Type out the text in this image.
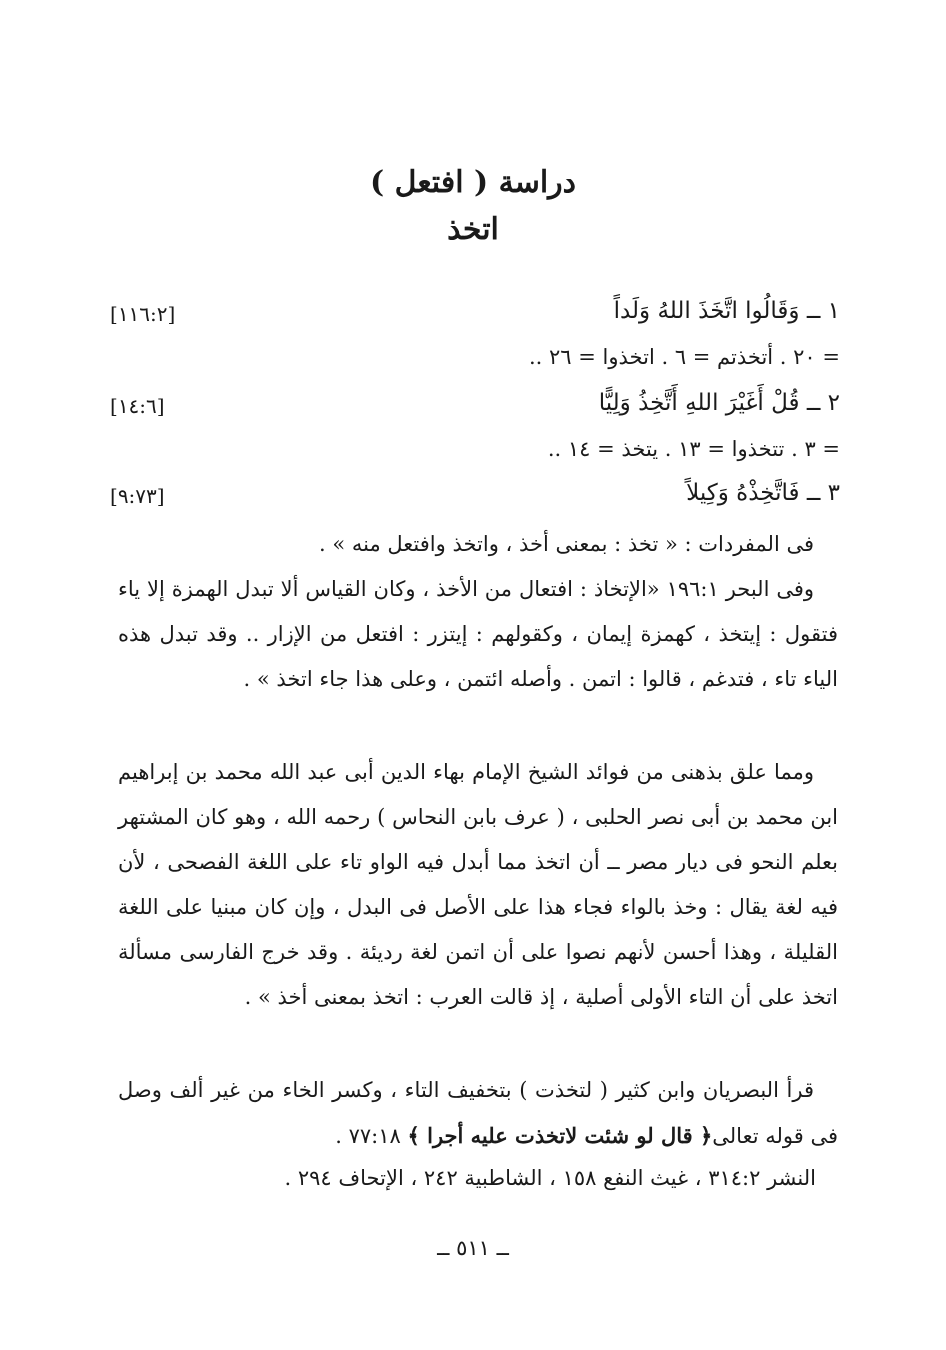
دراسة ( افتعل )
اتخذ
١ ــ وَقَالُوا اتَّخَذَ اللهُ وَلَداً
[١١٦:٢]
= ٢٠ . أتخذتم = ٦ . اتخذوا = ٢٦ ..
٢ ــ قُلْ أَغَيْرَ اللهِ أَتَّخِذُ وَلِيًّا
[١٤:٦]
= ٣ . تتخذوا = ١٣ . يتخذ = ١٤ ..
٣ ــ فَاتَّخِذْهُ وَكِيلاً
[٩:٧٣]
فى المفردات : « تخذ : بمعنى أخذ ، واتخذ وافتعل منه » .
وفى البحر ١٩٦:١ «الإتخاذ : افتعال من الأخذ ، وكان القياس ألا تبدل الهمزة إلا ياء فتقول : إيتخذ ، كهمزة إيمان ، وكقولهم : إيتزر : افتعل من الإزار .. وقد تبدل هذه الياء تاء ، فتدغم ، قالوا : اتمن . وأصله ائتمن ، وعلى هذا جاء اتخذ » .
ومما علق بذهنى من فوائد الشيخ الإمام بهاء الدين أبى عبد الله محمد بن إبراهيم ابن محمد بن أبى نصر الحلبى ، ( عرف بابن النحاس ) رحمه الله ، وهو كان المشتهر بعلم النحو فى ديار مصر ــ أن اتخذ مما أبدل فيه الواو تاء على اللغة الفصحى ، لأن فيه لغة يقال : وخذ بالواء فجاء هذا على الأصل فى البدل ، وإن كان مبنيا على اللغة القليلة ، وهذا أحسن لأنهم نصوا على أن اتمن لغة رديئة . وقد خرج الفارسى مسألة اتخذ على أن التاء الأولى أصلية ، إذ قالت العرب : اتخذ بمعنى أخذ » .
قرأ البصريان وابن كثير ( لتخذت ) بتخفيف التاء ، وكسر الخاء من غير ألف وصل فى قوله تعالى﴿ قال لو شئت لاتخذت عليه أجرا ﴾ ٧٧:١٨ .
النشر ٣١٤:٢ ، غيث النفع ١٥٨ ، الشاطبية ٢٤٢ ، الإتحاف ٢٩٤ .
ــ ٥١١ ــ
